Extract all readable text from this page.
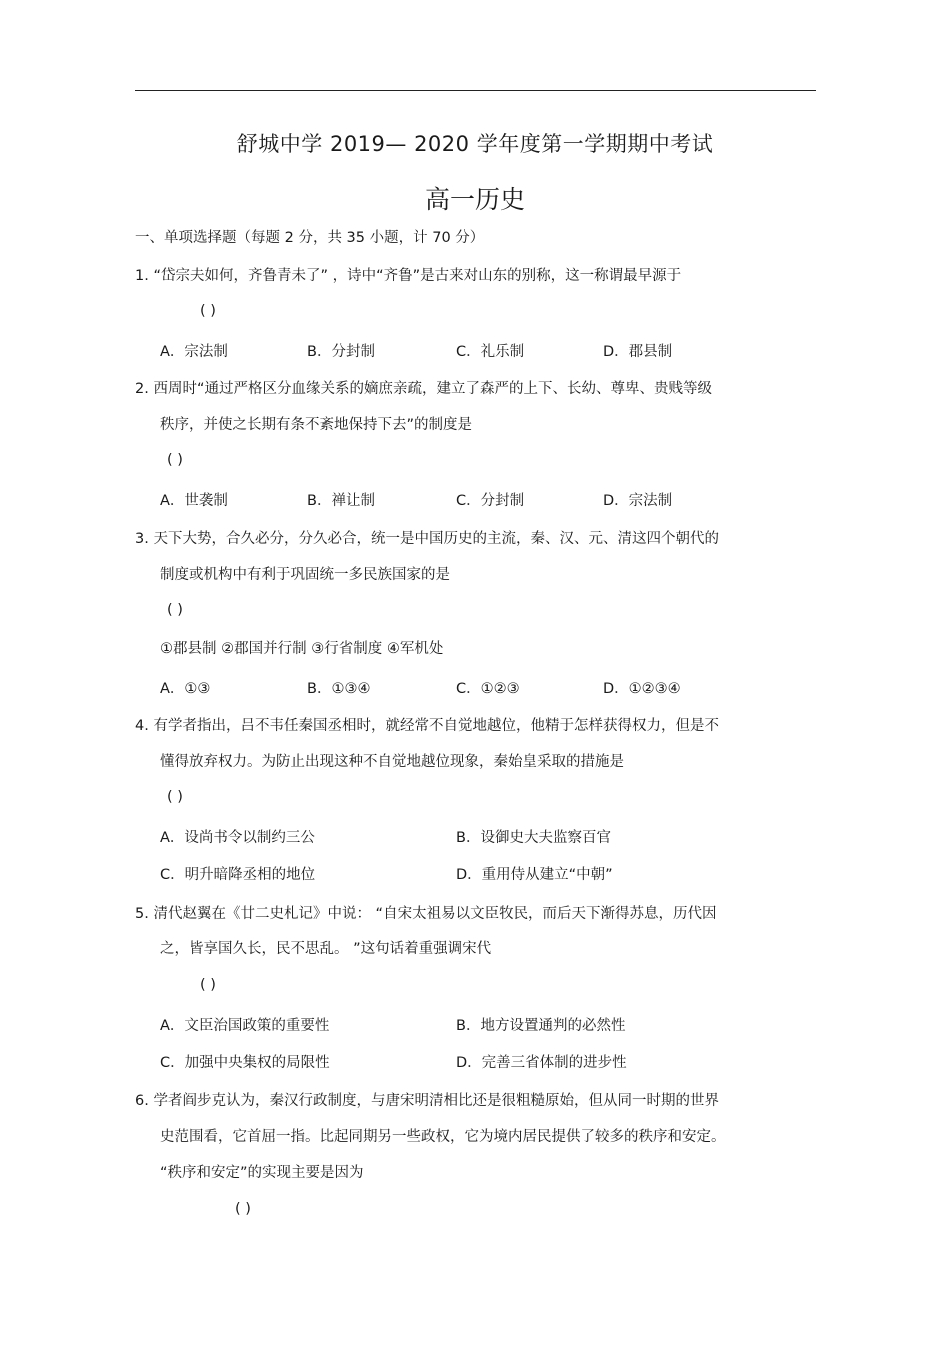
舒城中学 2019— 2020 学年度第一学期期中考试
高一历史
一、单项选择题（每题 2 分，共 35 小题，计 70 分）
1. “岱宗夫如何，齐鲁青未了” ，诗中“齐鲁”是古来对山东的别称，这一称谓最早源于
( )
A．宗法制	B．分封制	C．礼乐制	D．郡县制
2. 西周时“通过严格区分血缘关系的嫡庶亲疏，建立了森严的上下、长幼、尊卑、贵贱等级
秩序，并使之长期有条不紊地保持下去”的制度是
( )
A．世袭制	B．禅让制	C．分封制	D．宗法制
3. 天下大势，合久必分，分久必合，统一是中国历史的主流，秦、汉、元、清这四个朝代的
制度或机构中有利于巩固统一多民族国家的是
( )
①郡县制 ②郡国并行制 ③行省制度 ④军机处
A．①③	B．①③④	C．①②③	D．①②③④
4. 有学者指出，吕不韦任秦国丞相时，就经常不自觉地越位，他精于怎样获得权力，但是不
懂得放弃权力。为防止出现这种不自觉地越位现象，秦始皇采取的措施是
( )
A．设尚书令以制约三公	B．设御史大夫监察百官
C．明升暗降丞相的地位	D．重用侍从建立“中朝”
5. 清代赵翼在《廿二史札记》中说： “自宋太祖易以文臣牧民，而后天下渐得苏息，历代因
之，皆享国久长，民不思乱。 ”这句话着重强调宋代
( )
A．文臣治国政策的重要性	B．地方设置通判的必然性
C．加强中央集权的局限性	D．完善三省体制的进步性
6. 学者阎步克认为，秦汉行政制度，与唐宋明清相比还是很粗糙原始，但从同一时期的世界
史范围看，它首屈一指。比起同期另一些政权，它为境内居民提供了较多的秩序和安定。
“秩序和安定”的实现主要是因为
( )
